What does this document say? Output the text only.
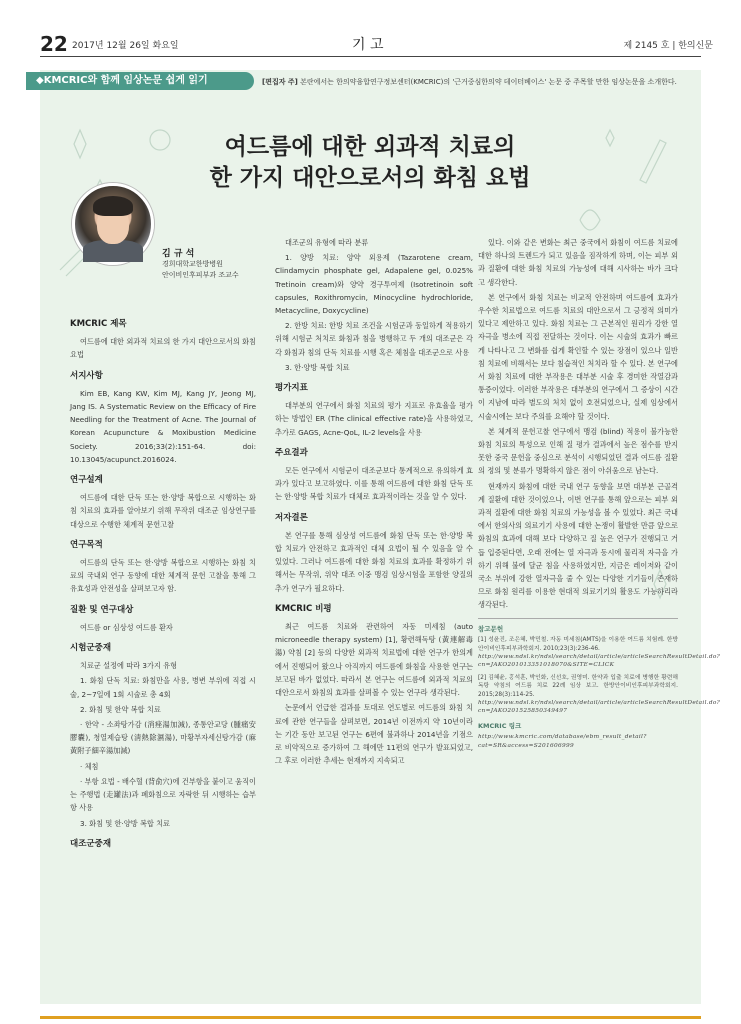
22 2017년 12월 26일 화요일	기 고	제 2145 호 | 한의신문
◆KMCRIC와 함께 임상논문 쉽게 읽기	[편집자 주] 본란에서는 한의약융합연구정보센터(KMCRIC)의 '근거중심한의약 데이터베이스' 논문 중 주목할 만한 임상논문을 소개한다.
여드름에 대한 외과적 치료의
한 가지 대안으로서의 화침 요법
김 규 석
경희대학교한방병원
안이비인후피부과 조교수
KMCRIC 제목

여드름에 대한 외과적 치료의 한 가지 대안으로서의 화침 요법

서지사항

Kim EB, Kang KW, Kim MJ, Kang JY, Jeong MJ, Jang IS. A Systematic Review on the Efficacy of Fire Needling for the Treatment of Acne. The Journal of Korean Acupuncture & Moxibustion Medicine Society. 2016;33(2):151-64. doi: 10.13045/acupunct.2016024.

연구설계

여드름에 대한 단독 또는 한·양방 복합으로 시행하는 화침 치료의 효과를 알아보기 위해 무작위 대조군 임상연구를 대상으로 수행한 체계적 문헌고찰

연구목적

여드름의 단독 또는 한·양방 복합으로 시행하는 화침 치료의 국내외 연구 동향에 대한 체계적 문헌 고찰을 통해 그 유효성과 안전성을 살펴보고자 함.

질환 및 연구대상

여드름 or 심상성 여드름 환자

시험군중재

치료군 설정에 따라 3가지 유형

1. 화침 단독 치료: 화침만을 사용, 병변 부위에 직접 시술, 2~7일에 1회 시술로 총 4회

2. 화침 및 한약 복합 치료

· 한약 - 소좌탕가감 (消痤湯加減), 종통안교당 (腫痛安膠囊), 청열제습탕 (淸熱除濕湯), 마황부자세신탕가감 (麻黃附子細辛湯加減)

· 체침

· 부항 요법 - 배수혈 (背俞穴)에 건부항을 붙이고 움직이는 주행법 (走罐法)과 폐화침으로 자락한 뒤 시행하는 습부항 사용

3. 화침 및 한·양방 복합 치료

대조군중재

대조군의 유형에 따라 분류

1. 양방 치료: 양약 외용제 (Tazarotene cream, Clindamycin phosphate gel, Adapalene gel, 0.025% Tretinoin cream)와 양약 경구투여제 (Isotretinoin soft capsules, Roxithromycin, Minocycline hydrochloride, Metacycline, Doxycycline)

2. 한방 치료: 한방 치료 조건을 시험군과 동일하게 적용하기 위해 시험군 처치로 화침과 침을 병행하고 두 개의 대조군은 각각 화침과 침의 단독 치료를 시행 혹은 체침을 대조군으로 사용

3. 한·양방 복합 치료

평가지표

대부분의 연구에서 화침 치료의 평가 지표로 유효율을 평가하는 방법인 ER (The clinical effective rate)을 사용하였고, 추가로 GAGS, Acne-QoL, IL-2 levels을 사용

주요결과

모든 연구에서 시험군이 대조군보다 통계적으로 유의하게 효과가 있다고 보고하였다. 이를 통해 여드름에 대한 화침 단독 또는 한·양방 복합 치료가 대체로 효과적이라는 것을 알 수 있다.

저자결론

본 연구를 통해 심상성 여드름에 화침 단독 또는 한·양방 복합 치료가 안전하고 효과적인 대체 요법이 될 수 있음을 알 수 있었다. 그러나 여드름에 대한 화침 치료의 효과를 확정하기 위해서는 무작위, 위약 대조 이중 맹검 임상시험을 포함한 양질의 추가 연구가 필요하다.

KMCRIC 비평

최근 여드름 치료와 관련하여 자동 미세침 (auto microneedle therapy system) [1], 황련해독탕 (黃連解毒湯) 약침 [2] 등의 다양한 외과적 치료법에 대한 연구가 한의계에서 진행되어 왔으나 아직까지 여드름에 화침을 사용한 연구는 보고된 바가 없었다. 따라서 본 연구는 여드름에 외과적 치료의 대안으로서 화침의 효과를 살펴볼 수 있는 연구라 생각된다.

논문에서 언급한 결과를 토대로 연도별로 여드름의 화침 치료에 관한 연구들을 살펴보면, 2014년 이전까지 약 10년이라는 기간 동안 보고된 연구는 6편에 불과하나 2014년을 기점으로 비약적으로 증가하여 그 해에만 11편의 연구가 발표되었고, 그 후로 이러한 추세는 현재까지 지속되고

있다. 이와 같은 변화는 최근 중국에서 화침이 여드름 치료에 대한 하나의 트렌드가 되고 있음을 짐작하게 하며, 이는 피부 외과 질환에 대한 화침 치료의 가능성에 대해 시사하는 바가 크다고 생각한다.

본 연구에서 화침 치료는 비교적 안전하며 여드름에 효과가 우수한 치료법으로 여드름 치료의 대안으로서 그 긍정적 의미가 있다고 제안하고 있다. 화침 치료는 그 근본적인 원리가 강한 열 자극을 병소에 직접 전달하는 것이다. 이는 시술의 효과가 빠르게 나타나고 그 변화를 쉽게 확인할 수 있는 장점이 있으나 일반 침 치료에 비해서는 보다 침습적인 처치라 할 수 있다. 본 연구에서 화침 치료에 대한 부작용은 대부분 시술 후 경미한 작열감과 통증이었다. 이러한 부작용은 대부분의 연구에서 그 증상이 시간이 지남에 따라 별도의 처치 없이 호전되었으나, 실제 임상에서 시술시에는 보다 주의를 요해야 할 것이다.

본 체계적 문헌고찰 연구에서 맹검 (blind) 적용이 불가능한 화침 치료의 특성으로 인해 질 평가 결과에서 높은 점수를 받지 못한 중국 문헌을 중심으로 분석이 시행되었던 결과 여드름 질환의 정의 및 분류가 명확하지 않은 점이 아쉬움으로 남는다.

현재까지 화침에 대한 국내 연구 동향을 보면 대부분 근골격계 질환에 대한 것이었으나, 이번 연구를 통해 앞으로는 피부 외과적 질환에 대한 화침 치료의 가능성을 볼 수 있었다. 최근 국내에서 한의사의 의료기기 사용에 대한 논쟁이 활발한 만큼 앞으로 화침의 효과에 대해 보다 다양하고 질 높은 연구가 진행되고 거듭 입증된다면, 오래 전에는 열 자극과 동시에 물리적 자극을 가하기 위해 불에 달군 침을 사용하였지만, 지금은 레이저와 같이 국소 부위에 강한 열자극을 줄 수 있는 다양한 기기들이 존재하므로 화침 원리를 이용한 현대적 의료기기의 활용도 가능하리라 생각된다.

참고문헌
[1] 성윤진, 조은혜, 박민철. 자동 미세침(AMTS)을 이용한 여드름 치험례. 한방안이비인후피부과학회지. 2010;23(3):236-46.
http://www.ndsl.kr/ndsl/search/detail/article/articleSearchResultDetail.do?cn=JAKO201013351018070&SITE=CLICK
[2] 김혜윤, 홍석훈, 박인화, 신선호, 권영미. 한약과 입출 치료에 병행한 황련해독탕 약침의 여드름 치료 22례 임상 보고. 한방안이비인후피부과학회지. 2015;28(3):114-25.
http://www.ndsl.kr/ndsl/search/detail/article/articleSearchResultDetail.do?cn=JAKO201525850349497
KMCRIC 링크
http://www.kmcric.com/database/ebm_result_detail?cat=SR&access=S201606999
